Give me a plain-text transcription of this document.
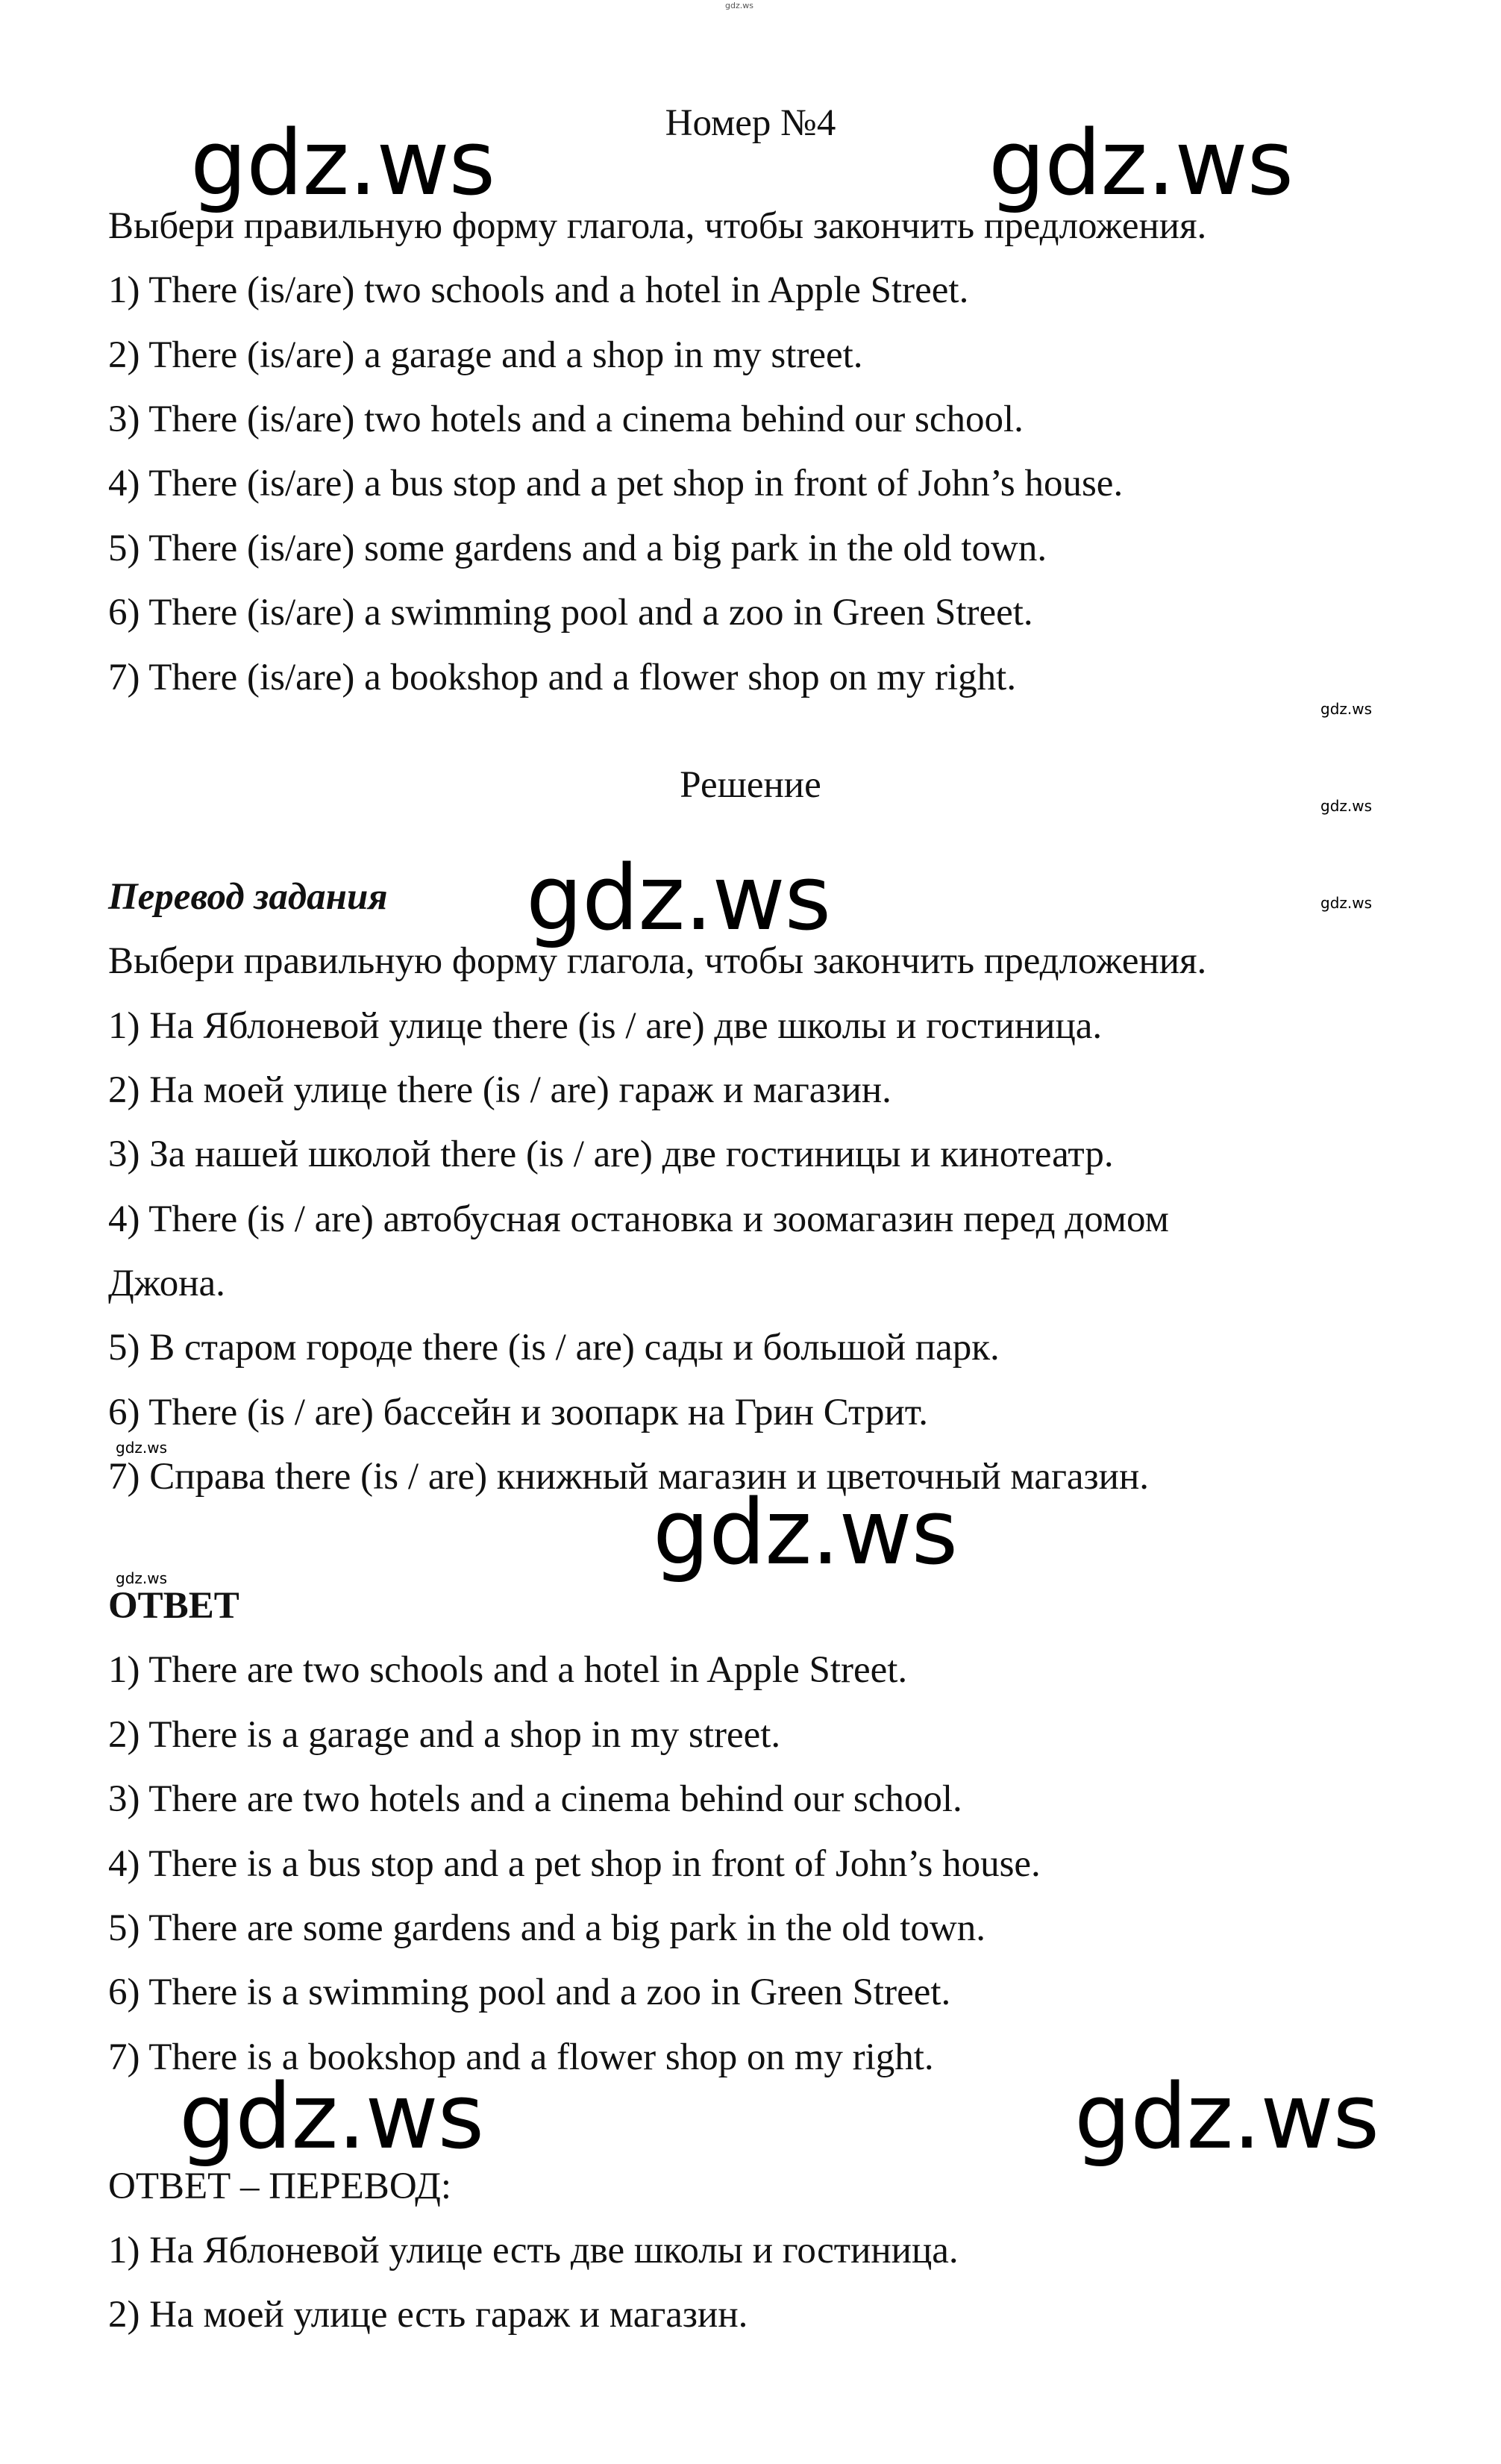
Номер №4

Выбери правильную форму глагола, чтобы закончить предложения.

1) There (is/are) two schools and a hotel in Apple Street.

2) There (is/are) a garage and a shop in my street.

3) There (is/are) two hotels and a cinema behind our school.

4) There (is/are) a bus stop and a pet shop in front of John’s house.

5) There (is/are) some gardens and a big park in the old town.

6) There (is/are) a swimming pool and a zoo in Green Street.

7) There (is/are) a bookshop and a flower shop on my right.

Решение

Перевод задания

Выбери правильную форму глагола, чтобы закончить предложения.

1) На Яблоневой улице there (is / are) две школы и гостиница.

2) На моей улице there (is / are) гараж и магазин.

3) За нашей школой there (is / are) две гостиницы и кинотеатр.

4) There (is / are) автобусная остановка и зоомагазин перед домом

Джона.

5) В старом городе there (is / are) сады и большой парк.

6) There (is / are) бассейн и зоопарк на Грин Стрит.

7) Справа there (is / are) книжный магазин и цветочный магазин.

ОТВЕТ

1) There are two schools and a hotel in Apple Street.

2) There is a garage and a shop in my street.

3) There are two hotels and a cinema behind our school.

4) There is a bus stop and a pet shop in front of John’s house.

5) There are some gardens and a big park in the old town.

6) There is a swimming pool and a zoo in Green Street.

7) There is a bookshop and a flower shop on my right.

ОТВЕТ – ПЕРЕВОД:

1) На Яблоневой улице есть две школы и гостиница.

2) На моей улице есть гараж и магазин.

gdz.ws
gdz.ws	gdz.ws
gdz.ws
gdz.ws
gdz.ws
gdz.ws
gdz.ws
gdz.ws
gdz.ws
gdz.ws	gdz.ws
